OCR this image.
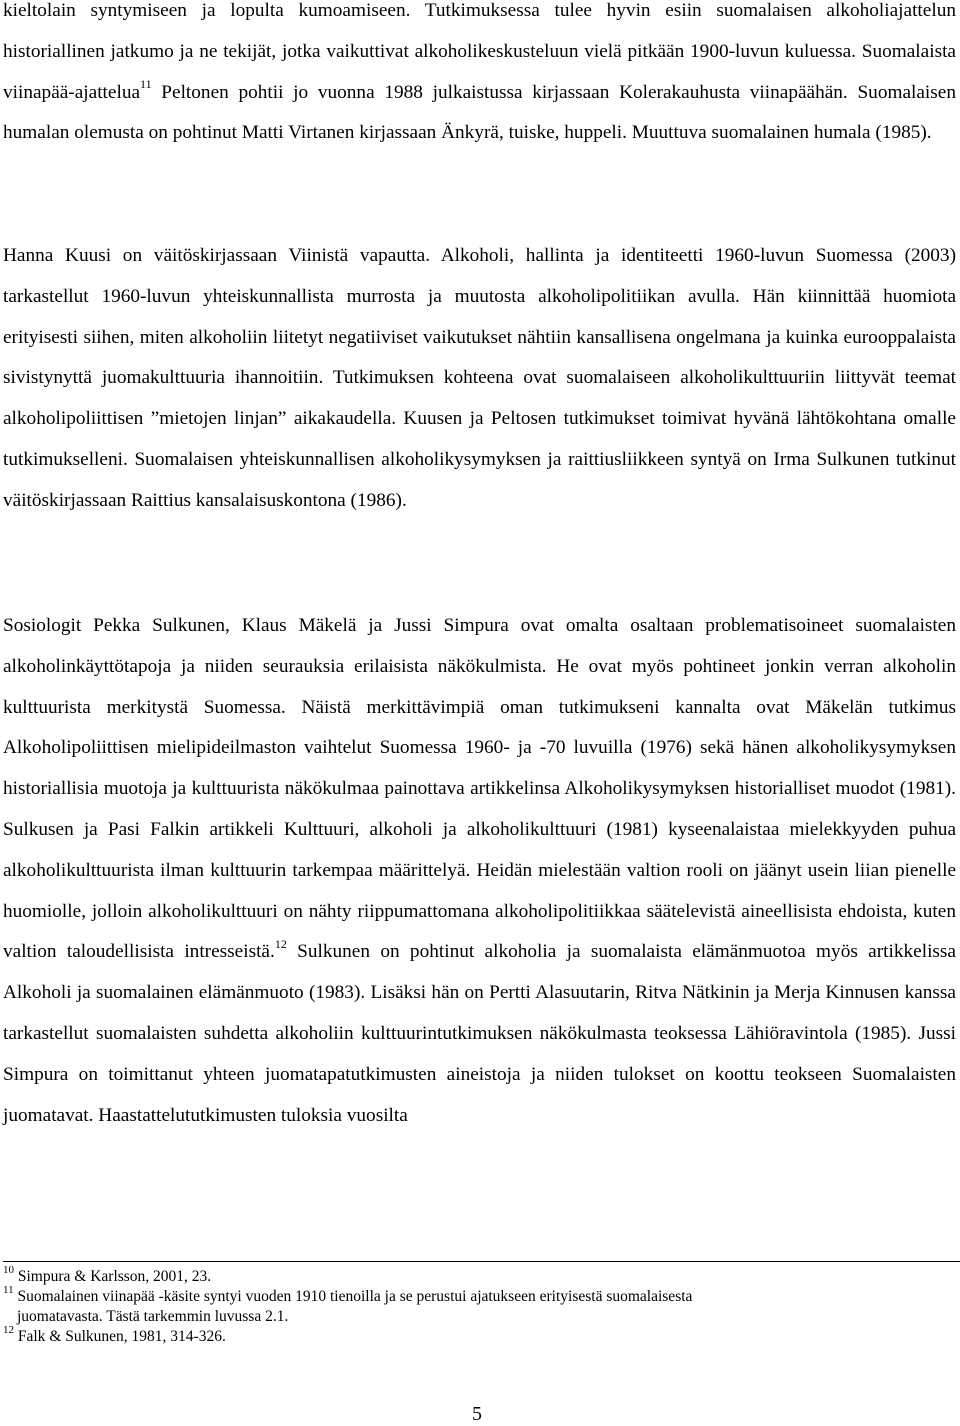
kieltolain syntymiseen ja lopulta kumoamiseen. Tutkimuksessa tulee hyvin esiin suomalaisen alkoholiajattelun historiallinen jatkumo ja ne tekijät, jotka vaikuttivat alkoholikeskusteluun vielä pitkään 1900-luvun kuluessa. Suomalaista viinapää-ajattelua$^{11}$ Peltonen pohtii jo vuonna 1988 julkaistussa kirjassaan Kolerakauhusta viinapäähän. Suomalaisen humalan olemusta on pohtinut Matti Virtanen kirjassaan Änkyrä, tuiske, huppeli. Muuttuva suomalainen humala (1985).

Hanna Kuusi on väitöskirjassaan Viinistä vapautta. Alkoholi, hallinta ja identiteetti 1960-luvun Suomessa (2003) tarkastellut 1960-luvun yhteiskunnallista murrosta ja muutosta alkoholipolitiikan avulla. Hän kiinnittää huomiota erityisesti siihen, miten alkoholiin liitetyt negatiiviset vaikutukset nähtiin kansallisena ongelmana ja kuinka eurooppalaista sivistynyttä juomakulttuuria ihannoitiin. Tutkimuksen kohteena ovat suomalaiseen alkoholikulttuuriin liittyvät teemat alkoholipoliittisen ”mietojen linjan” aikakaudella. Kuusen ja Peltosen tutkimukset toimivat hyvänä lähtökohtana omalle tutkimukselleni. Suomalaisen yhteiskunnallisen alkoholikysymyksen ja raittiusliikkeen syntyä on Irma Sulkunen tutkinut väitöskirjassaan Raittius kansalaisuskontona (1986).

Sosiologit Pekka Sulkunen, Klaus Mäkelä ja Jussi Simpura ovat omalta osaltaan problematisoineet suomalaisten alkoholinkäyttötapoja ja niiden seurauksia erilaisista näkökulmista. He ovat myös pohtineet jonkin verran alkoholin kulttuurista merkitystä Suomessa. Näistä merkittävimpiä oman tutkimukseni kannalta ovat Mäkelän tutkimus Alkoholipoliittisen mielipideilmaston vaihtelut Suomessa 1960- ja -70 luvuilla (1976) sekä hänen alkoholikysymyksen historiallisia muotoja ja kulttuurista näkökulmaa painottava artikkelinsa Alkoholikysymyksen historialliset muodot (1981). Sulkusen ja Pasi Falkin artikkeli Kulttuuri, alkoholi ja alkoholikulttuuri (1981) kyseenalaistaa mielekkyyden puhua alkoholikulttuurista ilman kulttuurin tarkempaa määrittelyä. Heidän mielestään valtion rooli on jäänyt usein liian pienelle huomiolle, jolloin alkoholikulttuuri on nähty riippumattomana alkoholipolitiikkaa säätelevistä aineellisista ehdoista, kuten valtion taloudellisista intresseistä.$^{12}$ Sulkunen on pohtinut alkoholia ja suomalaista elämänmuotoa myös artikkelissa Alkoholi ja suomalainen elämänmuoto (1983). Lisäksi hän on Pertti Alasuutarin, Ritva Nätkinin ja Merja Kinnusen kanssa tarkastellut suomalaisten suhdetta alkoholiin kulttuurintutkimuksen näkökulmasta teoksessa Lähiöravintola (1985). Jussi Simpura on toimittanut yhteen juomatapatutkimusten aineistoja ja niiden tulokset on koottu teokseen Suomalaisten juomatavat. Haastattelututkimusten tuloksia vuosilta

$^{10}$ Simpura & Karlsson, 2001, 23.

$^{11}$ Suomalainen viinapää -käsite syntyi vuoden 1910 tienoilla ja se perustui ajatukseen erityisestä suomalaisesta

juomatavasta. Tästä tarkemmin luvussa 2.1.

$^{12}$ Falk & Sulkunen, 1981, 314-326.

5
